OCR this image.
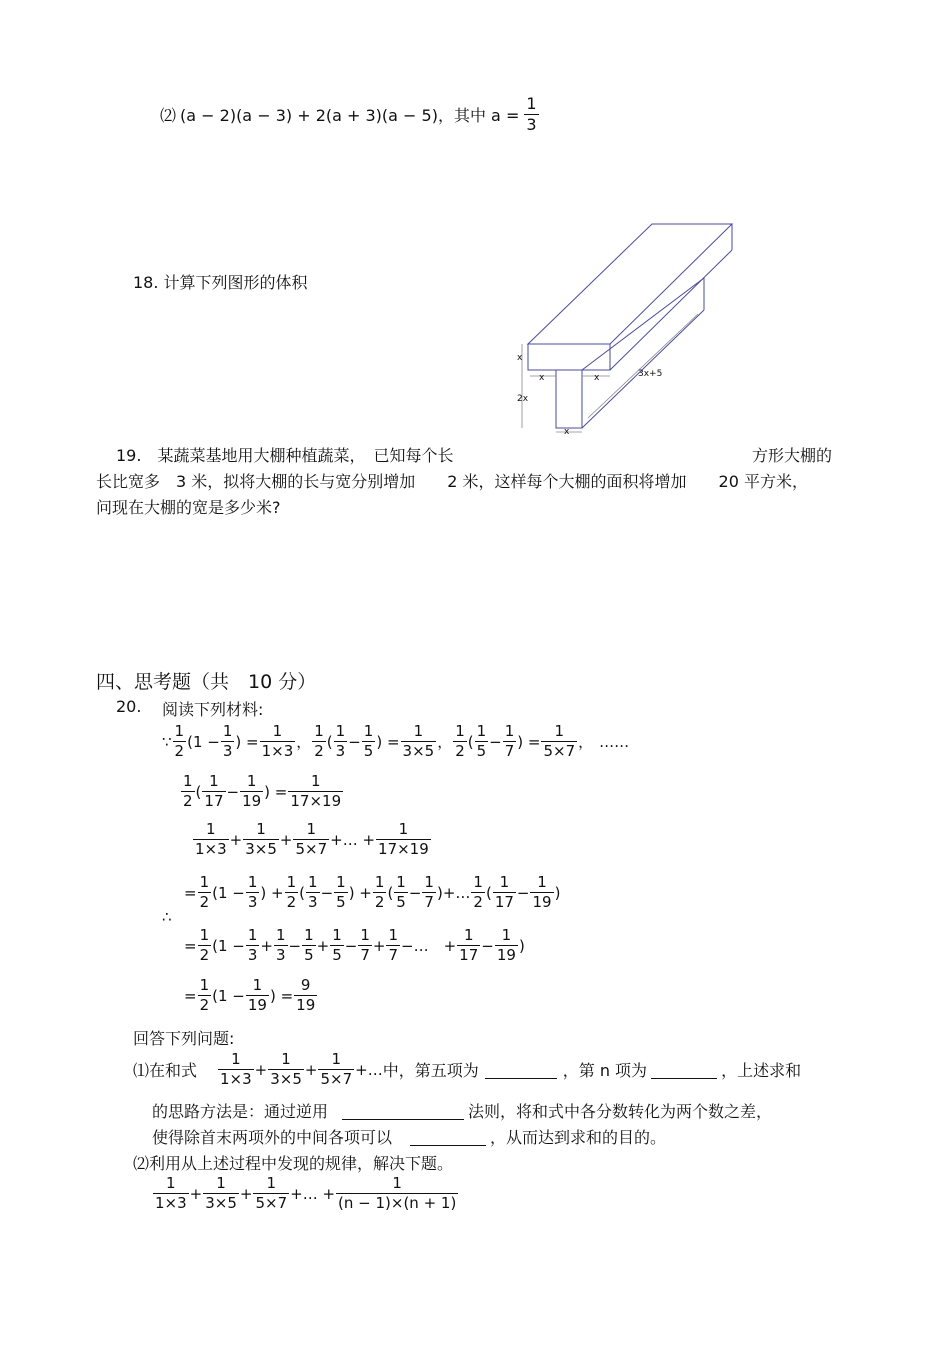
⑵ (a − 2)(a − 3) + 2(a + 3)(a − 5)，其中 $a = \frac{1}{3}$
18. 计算下列图形的体积
x
x	x
2x
x
3x+5
19.　某蔬菜基地用大棚种植蔬菜，　已知每个长	方形大棚的
长比宽多　3 米，拟将大棚的长与宽分别增加　　2 米，这样每个大棚的面积将增加　　20 平方米，
问现在大棚的宽是多少米?
四、思考题（共　10 分）
20. 阅读下列材料:
∵ $\frac{1}{2} (1 - \frac{1}{3}$ ) = $\frac{1}{1\times 3}$ ， $\frac{1}{2}$ ( $\frac{1}{3} - \frac{1}{5}$ ) = $\frac{1}{3\times 5}$ ， $\frac{1}{2}$ ( $\frac{1}{5} - \frac{1}{7}$ ) = $\frac{1}{5\times 7}$ ， ……
$\frac{1}{2}$ ( $\frac{1}{17} - \frac{1}{19}$ ) = $\frac{1}{17\times 19}$
$\frac{1}{1\times 3} + \frac{1}{3\times 5} + \frac{1}{5\times 7}$ +… + $\frac{1}{17\times 19}$
∴
= $\frac{1}{2} (1 - \frac{1}{3}$ ) + $\frac{1}{2}$ ( $\frac{1}{3} - \frac{1}{5}$ ) + $\frac{1}{2}$ ( $\frac{1}{5} - \frac{1}{7}$ ) +… $\frac{1}{2}$ ( $\frac{1}{17} - \frac{1}{19}$ )
= $\frac{1}{2} (1 - \frac{1}{3} + \frac{1}{3} - \frac{1}{5} + \frac{1}{5} - \frac{1}{7} + \frac{1}{7}$ −…　+ $\frac{1}{17} - \frac{1}{19}$ )
= $\frac{1}{2} (1 - \frac{1}{19}$ ) = $\frac{9}{19}$
回答下列问题:
⑴在和式 $\frac{1}{1\times 3} + \frac{1}{3\times 5} + \frac{1}{5\times 7}$ +… 中，第五项为	，第 n 项为	，上述求和
的思路方法是：通过逆用	法则，将和式中各分数转化为两个数之差，
使得除首末两项外的中间各项可以	，从而达到求和的目的。
⑵利用从上述过程中发现的规律，解决下题。
$\frac{1}{1\times 3} + \frac{1}{3\times 5} + \frac{1}{5\times 7}$ +… + $\frac{1}{(n - 1)\times(n + 1)}$
